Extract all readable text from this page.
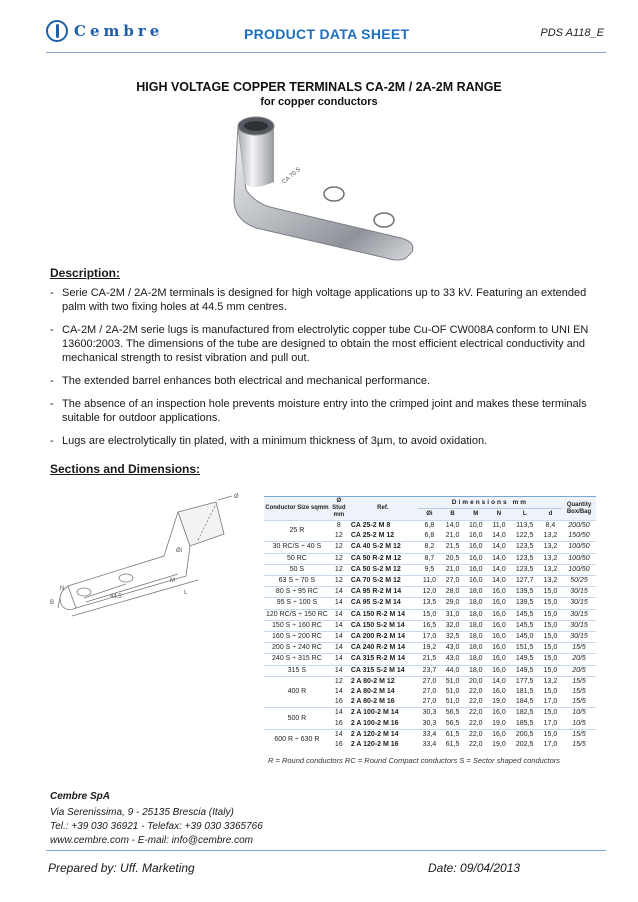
Cembre	PRODUCT DATA SHEET	PDS A118_E
HIGH VOLTAGE COPPER TERMINALS CA-2M / 2A-2M RANGE
for copper conductors
CA 70 S
Description:
- Serie CA-2M / 2A-2M terminals is designed for high voltage applications up to 33 kV. Featuring an extended palm with two fixing holes at 44.5 mm centres.
- CA-2M / 2A-2M serie lugs is manufactured from electrolytic copper tube Cu-OF CW008A conform to UNI EN 13600:2003. The dimensions of the tube are designed to obtain the most efficient electrical conductivity and mechanical strength to resist vibration and pull out.
- The extended barrel enhances both electrical and mechanical performance.
- The absence of an inspection hole prevents moisture entry into the crimped joint and makes these terminals suitable for outdoor applications.
- Lugs are electrolytically tin plated, with a minimum thickness of 3µm, to avoid oxidation.
Sections and Dimensions:
Ø
Øi
B
N
M
L
44.5
Conductor Size sqmm	Ø Stud mm	Ref.	Dimensions mm						Quantity Box/Bag
			Øi	B	M	N	L	d	
25 R	8	CA 25-2 M 8	6,8	14,0	10,0	11,0	113,5	8,4	200/50
	12	CA 25-2 M 12	6,8	21,0	16,0	14,0	122,5	13,2	150/50
30 RC/S ÷ 40 S	12	CA 40 S-2 M 12	8,2	21,5	16,0	14,0	123,5	13,2	100/50
50 RC	12	CA 50 R-2 M 12	8,7	20,5	16,0	14,0	123,5	13,2	100/50
50 S	12	CA 50 S-2 M 12	9,5	21,0	16,0	14,0	123,5	13,2	100/50
63 S ÷ 70 S	12	CA 70 S-2 M 12	11,0	27,0	16,0	14,0	127,7	13,2	50/25
80 S ÷ 95 RC	14	CA 95 R-2 M 14	12,0	28,0	18,0	16,0	139,5	15,0	30/15
95 S ÷ 100 S	14	CA 95 S-2 M 14	13,5	29,0	18,0	16,0	139,5	15,0	30/15
120 RC/S ÷ 150 RC	14	CA 150 R-2 M 14	15,0	31,0	18,0	16,0	145,5	15,0	30/15
150 S ÷ 160 RC	14	CA 150 S-2 M 14	16,5	32,0	18,0	16,0	145,5	15,0	30/15
160 S ÷ 200 RC	14	CA 200 R-2 M 14	17,0	32,5	18,0	16,0	145,0	15,0	30/15
200 S ÷ 240 RC	14	CA 240 R-2 M 14	19,2	43,0	18,0	16,0	151,5	15,0	15/5
240 S ÷ 315 RC	14	CA 315 R-2 M 14	21,5	43,0	18,0	16,0	149,5	15,0	20/5
315 S	14	CA 315 S-2 M 14	23,7	44,0	18,0	16,0	149,5	15,0	20/5
400 R	12	2 A 80-2 M 12	27,0	51,0	20,0	14,0	177,5	13,2	15/5
	14	2 A 80-2 M 14	27,0	51,0	22,0	16,0	181,5	15,0	15/5
	16	2 A 80-2 M 16	27,0	51,0	22,0	19,0	184,5	17,0	15/5
500 R	14	2 A 100-2 M 14	30,3	56,5	22,0	16,0	182,5	15,0	10/5
	16	2 A 100-2 M 16	30,3	56,5	22,0	19,0	185,5	17,0	10/5
600 R ÷ 630 R	14	2 A 120-2 M 14	33,4	61,5	22,0	16,0	200,5	15,0	15/5
	16	2 A 120-2 M 16	33,4	61,5	22,0	19,0	202,5	17,0	15/5
R = Round conductors RC = Round Compact conductors S = Sector shaped conductors
Cembre SpA
Via Serenissima, 9 - 25135 Brescia (Italy)
Tel.: +39 030 36921 - Telefax: +39 030 3365766
www.cembre.com - E-mail: info@cembre.com
Prepared by: Uff. Marketing	Date: 09/04/2013
